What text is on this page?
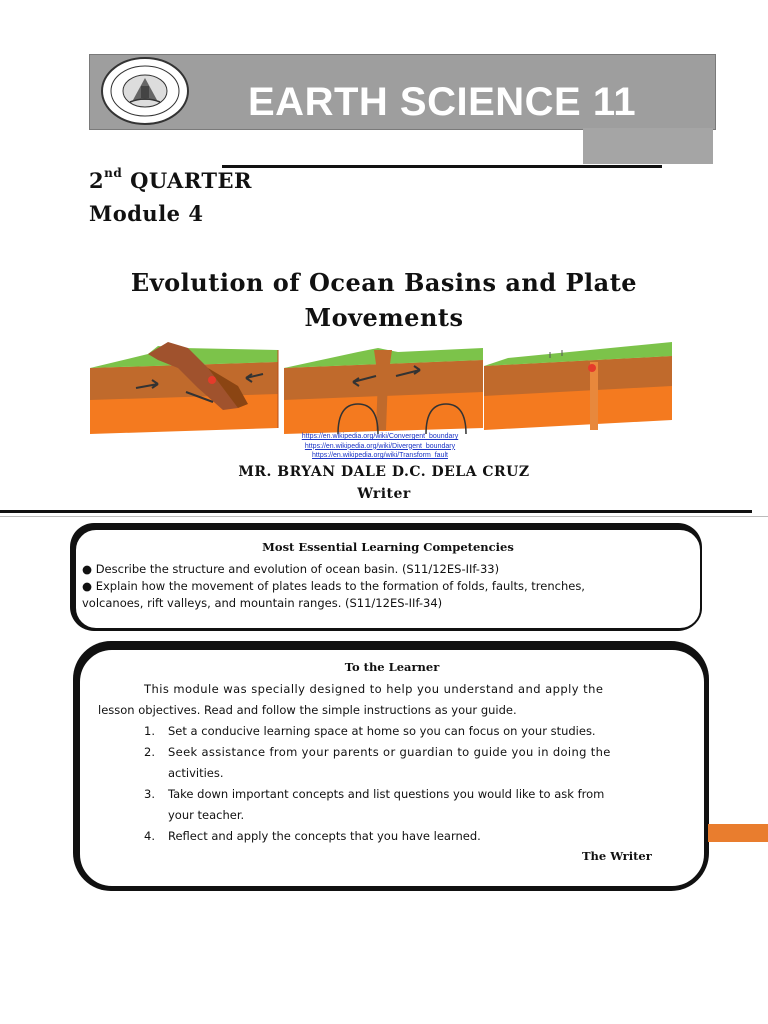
EARTH SCIENCE 11
2nd QUARTER
Module 4
Evolution of Ocean Basins and Plate
Movements
https://en.wikipedia.org/wiki/Convergent_boundary
https://en.wikipedia.org/wiki/Divergent_boundary
https://en.wikipedia.org/wiki/Transform_fault
MR. BRYAN DALE D.C. DELA CRUZ
Writer
Most Essential Learning Competencies
● Describe the structure and evolution of ocean basin. (S11/12ES-IIf-33)
● Explain how the movement of plates leads to the formation of folds, faults, trenches,
volcanoes, rift valleys, and mountain ranges. (S11/12ES-IIf-34)
To the Learner
This module was specially designed to help you understand and apply the
lesson objectives. Read and follow the simple instructions as your guide.
1. Set a conducive learning space at home so you can focus on your studies.
2. Seek assistance from your parents or guardian to guide you in doing the
activities.
3. Take down important concepts and list questions you would like to ask from
your teacher.
4. Reflect and apply the concepts that you have learned.
The Writer
